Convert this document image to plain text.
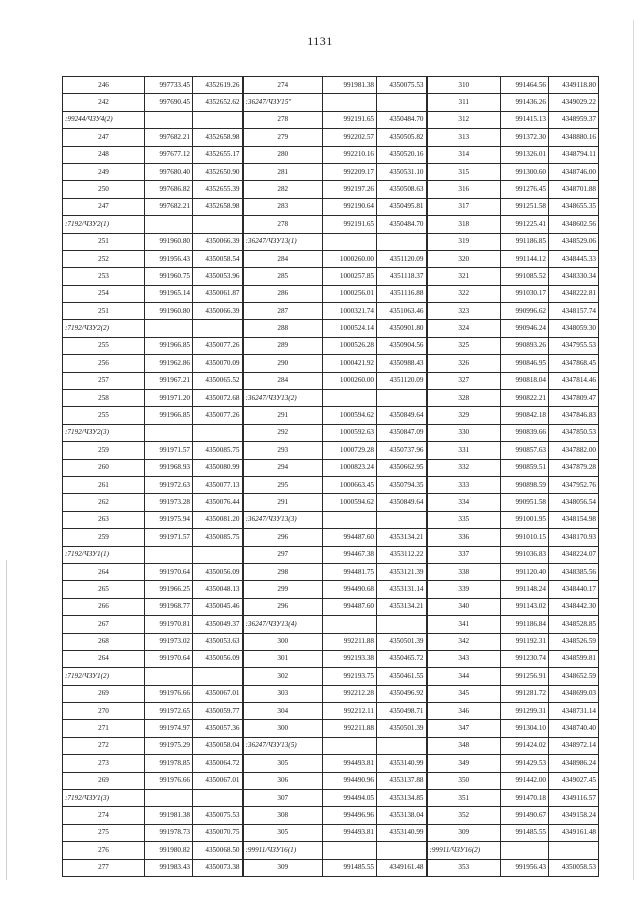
1131
246	997733.45	4352619.26	274	991981.38	4350075.53	310	991464.56	4349118.80
242	997690.45	4352652.62	:36247/ЧЗУ15"			311	991436.26	4349029.22
:99244/ЧЗУ4(2)			278	992191.65	4350484.70	312	991415.13	4348959.37
247	997682.21	4352658.98	279	992202.57	4350505.82	313	991372.30	4348880.16
248	997677.12	4352655.17	280	992210.16	4350520.16	314	991326.01	4348794.11
249	997680.40	4352650.90	281	992209.17	4350531.10	315	991300.60	4348746.00
250	997686.82	4352655.39	282	992197.26	4350508.63	316	991276.45	4348701.88
247	997682.21	4352658.98	283	992190.64	4350495.81	317	991251.58	4348655.35
:7192/ЧЗУ2(1)			278	992191.65	4350484.70	318	991225.41	4348602.56
251	991960.80	4350066.39	:36247/ЧЗУ13(1)			319	991186.85	4348529.06
252	991956.43	4350058.54	284	1000260.00	4351120.09	320	991144.12	4348445.33
253	991960.75	4350053.96	285	1000257.85	4351118.37	321	991085.52	4348330.34
254	991965.14	4350061.87	286	1000256.01	4351116.88	322	991030.17	4348222.81
251	991960.80	4350066.39	287	1000321.74	4351063.46	323	990996.62	4348157.74
:7192/ЧЗУ2(2)			288	1000524.14	4350901.80	324	990946.24	4348059.30
255	991966.85	4350077.26	289	1000526.28	4350904.56	325	990893.26	4347955.53
256	991962.86	4350070.09	290	1000421.92	4350988.43	326	990846.95	4347868.45
257	991967.21	4350065.52	284	1000260.00	4351120.09	327	990818.04	4347814.46
258	991971.20	4350072.68	:36247/ЧЗУ13(2)			328	990822.21	4347809.47
255	991966.85	4350077.26	291	1000594.62	4350849.64	329	990842.18	4347846.83
:7192/ЧЗУ2(3)			292	1000592.63	4350847.09	330	990839.66	4347850.53
259	991971.57	4350085.75	293	1000729.28	4350737.96	331	990857.63	4347882.00
260	991968.93	4350080.99	294	1000823.24	4350662.95	332	990859.51	4347879.28
261	991972.63	4350077.13	295	1000663.45	4350794.35	333	990898.59	4347952.76
262	991973.28	4350076.44	291	1000594.62	4350849.64	334	990951.58	4348056.54
263	991975.94	4350081.20	:36247/ЧЗУ13(3)			335	991001.95	4348154.98
259	991971.57	4350085.75	296	994487.60	4353134.21	336	991010.15	4348170.93
:7192/ЧЗУ1(1)			297	994467.38	4353112.22	337	991036.83	4348224.07
264	991970.64	4350056.09	298	994481.75	4353121.39	338	991120.40	4348385.56
265	991966.25	4350048.13	299	994490.68	4353131.14	339	991148.24	4348440.17
266	991968.77	4350045.46	296	994487.60	4353134.21	340	991143.02	4348442.30
267	991970.81	4350049.37	:36247/ЧЗУ13(4)			341	991186.84	4348528.85
268	991973.02	4350053.63	300	992211.88	4350501.39	342	991192.31	4348526.59
264	991970.64	4350056.09	301	992193.38	4350465.72	343	991230.74	4348599.81
:7192/ЧЗУ1(2)			302	992193.75	4350461.55	344	991256.91	4348652.59
269	991976.66	4350067.01	303	992212.28	4350496.92	345	991281.72	4348699.03
270	991972.65	4350059.77	304	992212.11	4350498.71	346	991299.31	4348731.14
271	991974.97	4350057.36	300	992211.88	4350501.39	347	991304.10	4348740.40
272	991975.29	4350058.04	:36247/ЧЗУ13(5)			348	991424.02	4348972.14
273	991978.85	4350064.72	305	994493.81	4353140.99	349	991429.53	4348986.24
269	991976.66	4350067.01	306	994490.96	4353137.88	350	991442.00	4349027.45
:7192/ЧЗУ1(3)			307	994494.05	4353134.85	351	991470.18	4349116.57
274	991981.38	4350075.53	308	994496.96	4353138.04	352	991490.67	4349158.24
275	991978.73	4350070.75	305	994493.81	4353140.99	309	991485.55	4349161.48
276	991980.82	4350068.50	:99911/ЧЗУ16(1)			:99911/ЧЗУ16(2)		
277	991983.43	4350073.38	309	991485.55	4349161.48	353	991956.43	4350058.53
